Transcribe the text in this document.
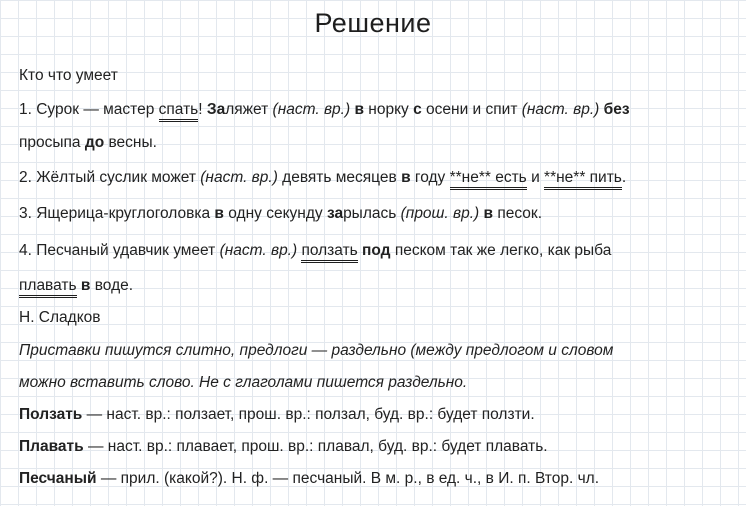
Решение
Кто что умеет
1. Сурок — мастер спать! Заляжет (наст. вр.) в норку с осени и спит (наст. вр.) без
просыпа до весны.
2. Жёлтый суслик может (наст. вр.) девять месяцев в году **не** есть и **не** пить.
3. Ящерица-круглоголовка в одну секунду зарылась (прош. вр.) в песок.
4. Песчаный удавчик умеет (наст. вр.) ползать под песком так же легко, как рыба
плавать в воде.
Н. Сладков
Приставки пишутся слитно, предлоги — раздельно (между предлогом и словом
можно вставить слово. Не с глаголами пишется раздельно.
Ползать — наст. вр.: ползает, прош. вр.: ползал, буд. вр.: будет ползти.
Плавать — наст. вр.: плавает, прош. вр.: плавал, буд. вр.: будет плавать.
Песчаный — прил. (какой?). Н. ф. — песчаный. В м. р., в ед. ч., в И. п. Втор. чл.
